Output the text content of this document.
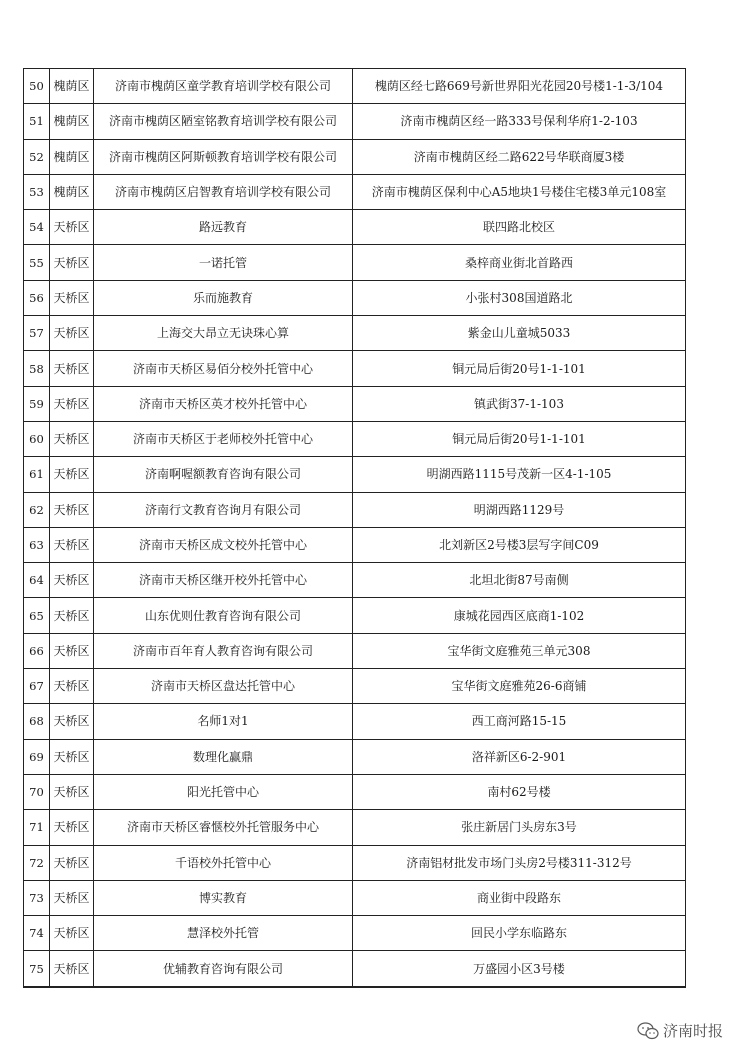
50	槐荫区	济南市槐荫区童学教育培训学校有限公司	槐荫区经七路669号新世界阳光花园20号楼1-1-3/104
51	槐荫区	济南市槐荫区陋室铭教育培训学校有限公司	济南市槐荫区经一路333号保利华府1-2-103
52	槐荫区	济南市槐荫区阿斯顿教育培训学校有限公司	济南市槐荫区经二路622号华联商厦3楼
53	槐荫区	济南市槐荫区启智教育培训学校有限公司	济南市槐荫区保利中心A5地块1号楼住宅楼3单元108室
54	天桥区	路远教育	联四路北校区
55	天桥区	一诺托管	桑梓商业街北首路西
56	天桥区	乐而施教育	小张村308国道路北
57	天桥区	上海交大昂立无诀珠心算	紫金山儿童城5033
58	天桥区	济南市天桥区易佰分校外托管中心	铜元局后街20号1-1-101
59	天桥区	济南市天桥区英才校外托管中心	镇武街37-1-103
60	天桥区	济南市天桥区于老师校外托管中心	铜元局后街20号1-1-101
61	天桥区	济南啊喔额教育咨询有限公司	明湖西路1115号茂新一区4-1-105
62	天桥区	济南行文教育咨询月有限公司	明湖西路1129号
63	天桥区	济南市天桥区成文校外托管中心	北刘新区2号楼3层写字间C09
64	天桥区	济南市天桥区继开校外托管中心	北坦北街87号南侧
65	天桥区	山东优则仕教育咨询有限公司	康城花园西区底商1-102
66	天桥区	济南市百年育人教育咨询有限公司	宝华街文庭雅苑三单元308
67	天桥区	济南市天桥区盘达托管中心	宝华街文庭雅苑26-6商铺
68	天桥区	名师1对1	西工商河路15-15
69	天桥区	数理化赢鼎	洛祥新区6-2-901
70	天桥区	阳光托管中心	南村62号楼
71	天桥区	济南市天桥区睿惬校外托管服务中心	张庄新居门头房东3号
72	天桥区	千语校外托管中心	济南铝材批发市场门头房2号楼311-312号
73	天桥区	博实教育	商业街中段路东
74	天桥区	慧泽校外托管	回民小学东临路东
75	天桥区	优辅教育咨询有限公司	万盛园小区3号楼
济南时报
